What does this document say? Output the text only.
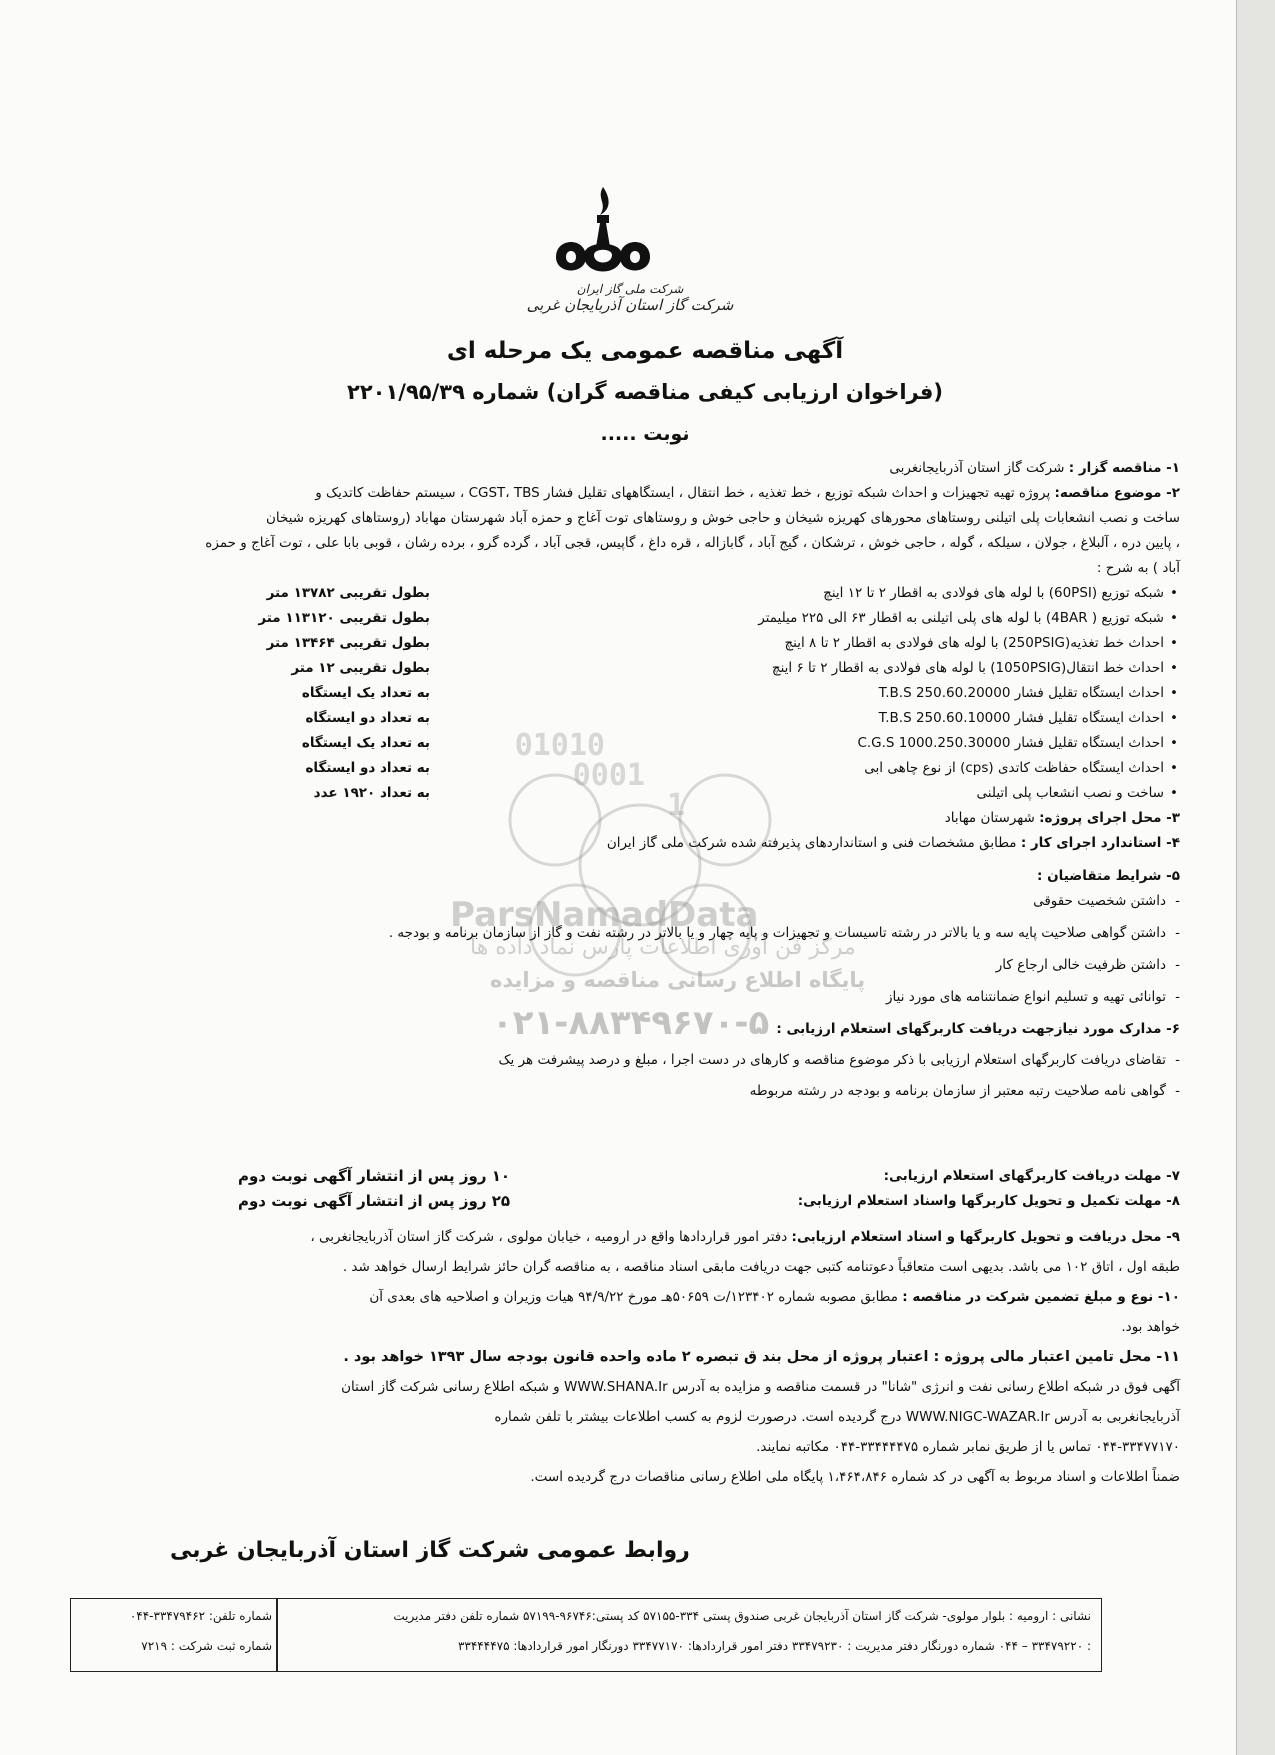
شرکت ملی گاز ایران
شرکت گاز استان آذربایجان غربی
آگهی مناقصه عمومی یک مرحله ای
(فراخوان ارزیابی کیفی مناقصه گران) شماره ۲۲۰۱/۹۵/۳۹
نوبت .....
۱- مناقصه گزار : شرکت گاز استان آذربایجانغربی
۲- موضوع مناقصه: پروژه تهیه تجهیزات و احداث شبکه توزیع ، خط تغذیه ، خط انتقال ، ایستگاههای تقلیل فشار CGST، TBS ، سیستم حفاظت کاتدیک و
ساخت و نصب انشعابات پلی اتیلنی روستاهای محورهای کهریزه شیخان و حاجی خوش و روستاهای توت آغاج و حمزه آباد شهرستان مهاباد (روستاهای کهریزه شیخان
، پایین دره ، آلبلاغ ، جولان ، سیلکه ، گوله ، حاجی خوش ، ترشکان ، گیج آباد ، گابازاله ، قره داغ ، گاپیس، قجی آباد ، گرده گرو ، برده رشان ، قوبی بابا علی ، توت آغاج و حمزه
آباد ) به شرح :
• شبکه توزیع (60PSI) با لوله های فولادی به اقطار ۲ تا ۱۲ اینچ
• شبکه توزیع ( 4BAR) با لوله های پلی اتیلنی به اقطار ۶۳ الی ۲۲۵ میلیمتر
• احداث خط تغذیه(250PSIG) با لوله های فولادی به اقطار ۲ تا ۸ اینچ
• احداث خط انتقال(1050PSIG) با لوله های فولادی به اقطار ۲ تا ۶ اینچ
• احداث ایستگاه تقلیل فشار T.B.S 250.60.20000
• احداث ایستگاه تقلیل فشار T.B.S 250.60.10000
• احداث ایستگاه تقلیل فشار C.G.S 1000.250.30000
• احداث ایستگاه حفاظت کاتدی (cps) از نوع چاهی ابی
• ساخت و نصب انشعاب پلی اتیلنی
بطول تقریبی ۱۳۷۸۲ متر
بطول تقریبی ۱۱۳۱۲۰ متر
بطول تقریبی ۱۳۴۶۴ متر
بطول تقریبی ۱۲ متر
به تعداد یک ایستگاه
به تعداد دو ایستگاه
به تعداد یک ایستگاه
به تعداد دو ایستگاه
به تعداد ۱۹۲۰ عدد
01010
0001
1	۳- محل اجرای پروژه: شهرستان مهاباد
۴- استاندارد اجرای کار : مطابق مشخصات فنی و استانداردهای پذیرفته شده شرکت ملی گاز ایران
۵- شرایط متقاضیان :
- داشتن شخصیت حقوقی
- داشتن گواهی صلاحیت پایه سه و یا بالاتر در رشته تاسیسات و تجهیزات و پایه چهار و یا بالاتر در رشته نفت و گاز از سازمان برنامه و بودجه .
- داشتن ظرفیت خالی ارجاع کار
- توانائی تهیه و تسلیم انواع ضمانتنامه های مورد نیاز
۶- مدارک مورد نیازجهت دریافت کاربرگهای استعلام ارزیابی :
- تقاضای دریافت کاربرگهای استعلام ارزیابی با ذکر موضوع مناقصه و کارهای در دست اجرا ، مبلغ و درصد پیشرفت هر یک
- گواهی نامه صلاحیت رتبه معتبر از سازمان برنامه و بودجه در رشته مربوطه
ParsNamadData
مرکز فن آوری اطلاعات پارس نماد داده ها
پایگاه اطلاع رسانی مناقصه و مزایده
۰۲۱-۸۸۳۴۹۶۷۰-۵
۷- مهلت دریافت کاربرگهای استعلام ارزیابی:
۱۰ روز پس از انتشار آگهی نوبت دوم
۸- مهلت تکمیل و تحویل کاربرگها واسناد استعلام ارزیابی:
۲۵ روز پس از انتشار آگهی نوبت دوم
۹- محل دریافت و تحویل کاربرگها و اسناد استعلام ارزیابی: دفتر امور قراردادها واقع در ارومیه ، خیابان مولوی ، شرکت گاز استان آذربایجانغربی ،
طبقه اول ، اتاق ۱۰۲ می باشد. بدیهی است متعاقباً دعوتنامه کتبی جهت دریافت مابقی اسناد مناقصه ، به مناقصه گران حائز شرایط ارسال خواهد شد .
۱۰- نوع و مبلغ تضمین شرکت در مناقصه : مطابق مصوبه شماره ۱۲۳۴۰۲/ت ۵۰۶۵۹هـ مورخ ۹۴/۹/۲۲ هیات وزیران و اصلاحیه های بعدی آن
خواهد بود.
۱۱- محل تامین اعتبار مالی پروژه : اعتبار پروژه از محل بند ق تبصره ۲ ماده واحده قانون بودجه سال ۱۳۹۳ خواهد بود .
آگهی فوق در شبکه اطلاع رسانی نفت و انرژی "شانا" در قسمت مناقصه و مزایده به آدرس WWW.SHANA.Ir و شبکه اطلاع رسانی شرکت گاز استان
آذربایجانغربی به آدرس WWW.NIGC-WAZAR.Ir درج گردیده است. درصورت لزوم به کسب اطلاعات بیشتر با تلفن شماره
۰۴۴-۳۳۴۷۷۱۷۰ تماس یا از طریق نمابر شماره ۳۳۴۴۴۴۷۵-۰۴۴ مکاتبه نمایند.
ضمناً اطلاعات و اسناد مربوط به آگهی در کد شماره ۱،۴۶۴،۸۴۶ پایگاه ملی اطلاع رسانی مناقصات درج گردیده است.
روابط عمومی شرکت گاز استان آذربایجان غربی
نشانی : ارومیه : بلوار مولوی- شرکت گاز استان آذربایجان غربی صندوق پستی ۳۳۴-۵۷۱۵۵ کد پستی:۹۶۷۴۶-۵۷۱۹۹ شماره تلفن دفتر مدیریت
: ۳۳۴۷۹۲۲۰ – ۰۴۴ شماره دورنگار دفتر مدیریت : ۳۳۴۷۹۲۳۰ دفتر امور قراردادها: ۳۳۴۷۷۱۷۰ دورنگار امور قراردادها: ۳۳۴۴۴۴۷۵
شماره تلفن: ۳۳۴۷۹۴۶۲-۰۴۴
شماره ثبت شرکت : ۷۲۱۹
